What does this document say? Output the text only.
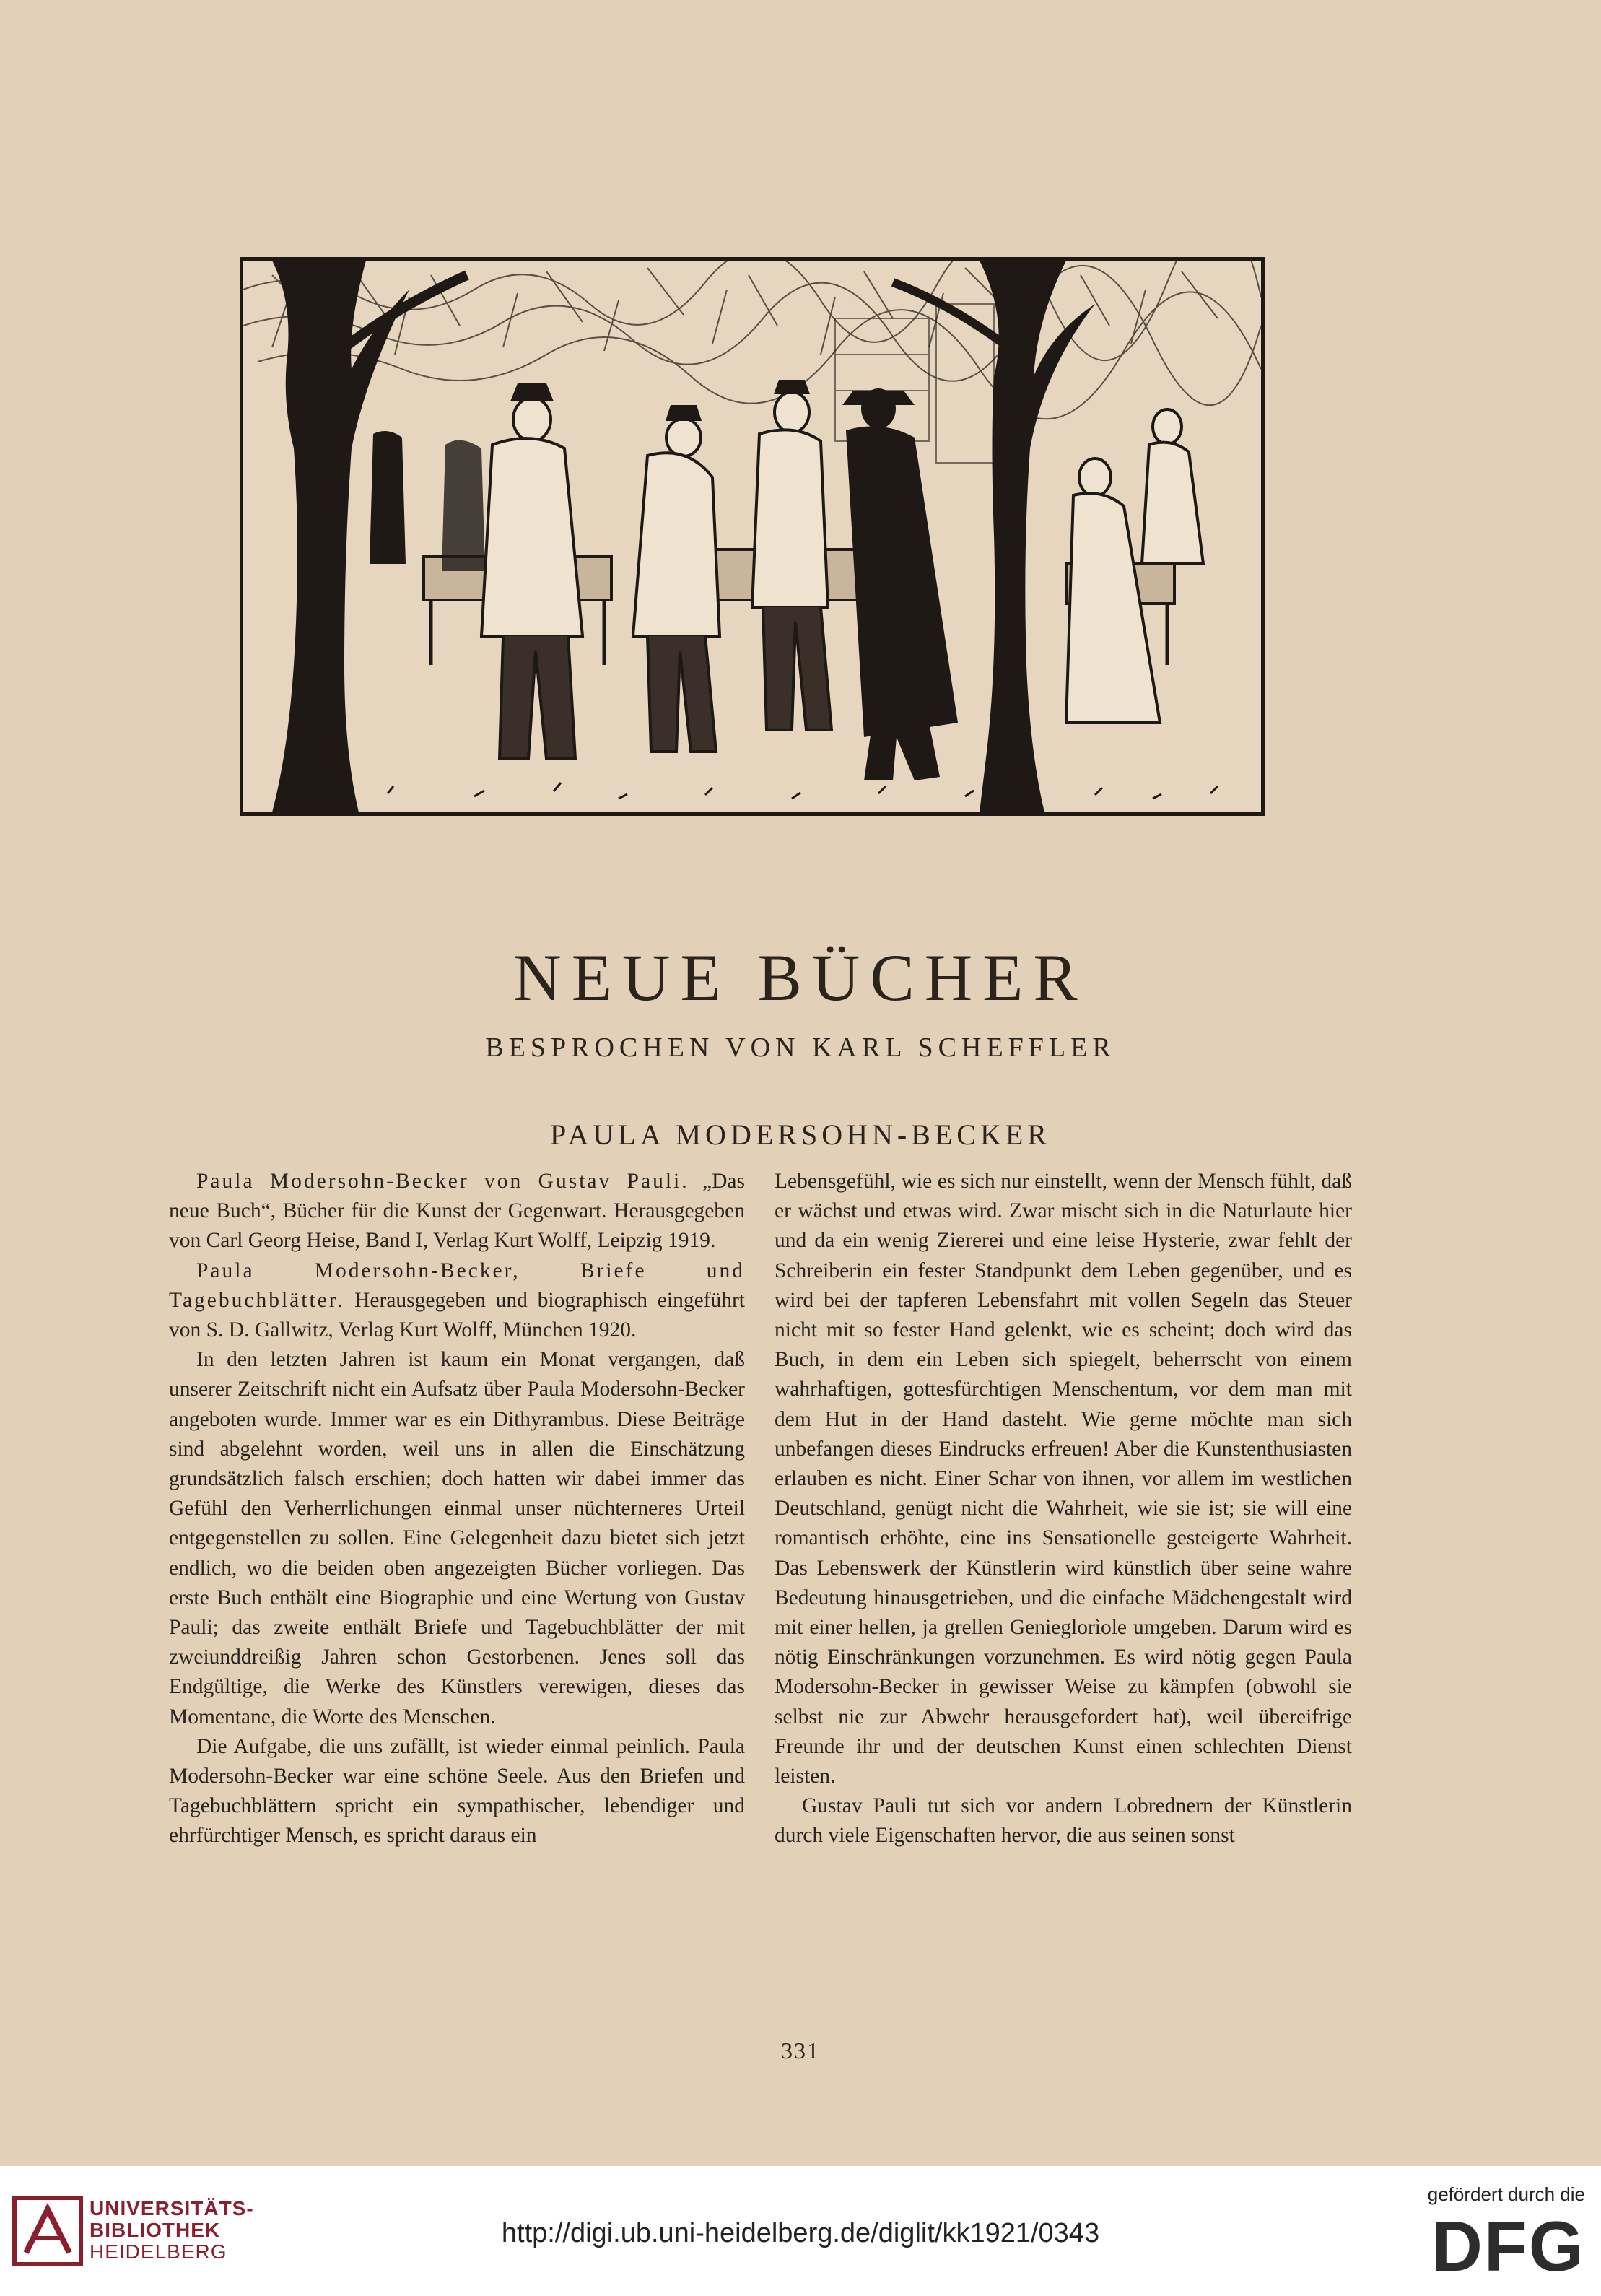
NEUE BÜCHER
BESPROCHEN VON KARL SCHEFFLER
PAULA MODERSOHN-BECKER

Paula Modersohn-Becker von Gustav Pauli. „Das neue Buch“, Bücher für die Kunst der Gegenwart. Herausgegeben von Carl Georg Heise, Band I, Verlag Kurt Wolff, Leipzig 1919.

Paula Modersohn-Becker, Briefe und Tagebuchblätter. Herausgegeben und biographisch eingeführt von S. D. Gallwitz, Verlag Kurt Wolff, München 1920.

In den letzten Jahren ist kaum ein Monat vergangen, daß unserer Zeitschrift nicht ein Aufsatz über Paula Modersohn-Becker angeboten wurde. Immer war es ein Dithyrambus. Diese Beiträge sind abgelehnt worden, weil uns in allen die Einschätzung grundsätzlich falsch erschien; doch hatten wir dabei immer das Gefühl den Verherrlichungen einmal unser nüchterneres Urteil entgegenstellen zu sollen. Eine Gelegenheit dazu bietet sich jetzt endlich, wo die beiden oben angezeigten Bücher vorliegen. Das erste Buch enthält eine Biographie und eine Wertung von Gustav Pauli; das zweite enthält Briefe und Tagebuchblätter der mit zweiunddreißig Jahren schon Gestorbenen. Jenes soll das Endgültige, die Werke des Künstlers verewigen, dieses das Momentane, die Worte des Menschen.

Die Aufgabe, die uns zufällt, ist wieder einmal peinlich. Paula Modersohn-Becker war eine schöne Seele. Aus den Briefen und Tagebuchblättern spricht ein sympathischer, lebendiger und ehrfürchtiger Mensch, es spricht daraus ein

Lebensgefühl, wie es sich nur einstellt, wenn der Mensch fühlt, daß er wächst und etwas wird. Zwar mischt sich in die Naturlaute hier und da ein wenig Ziererei und eine leise Hysterie, zwar fehlt der Schreiberin ein fester Standpunkt dem Leben gegenüber, und es wird bei der tapferen Lebensfahrt mit vollen Segeln das Steuer nicht mit so fester Hand gelenkt, wie es scheint; doch wird das Buch, in dem ein Leben sich spiegelt, beherrscht von einem wahrhaftigen, gottesfürchtigen Menschentum, vor dem man mit dem Hut in der Hand dasteht. Wie gerne möchte man sich unbefangen dieses Eindrucks erfreuen! Aber die Kunstenthusiasten erlauben es nicht. Einer Schar von ihnen, vor allem im westlichen Deutschland, genügt nicht die Wahrheit, wie sie ist; sie will eine romantisch erhöhte, eine ins Sensationelle gesteigerte Wahrheit. Das Lebenswerk der Künstlerin wird künstlich über seine wahre Bedeutung hinausgetrieben, und die einfache Mädchengestalt wird mit einer hellen, ja grellen Genieglorìole umgeben. Darum wird es nötig Einschränkungen vorzunehmen. Es wird nötig gegen Paula Modersohn-Becker in gewisser Weise zu kämpfen (obwohl sie selbst nie zur Abwehr herausgefordert hat), weil übereifrige Freunde ihr und der deutschen Kunst einen schlechten Dienst leisten.

Gustav Pauli tut sich vor andern Lobrednern der Künstlerin durch viele Eigenschaften hervor, die aus seinen sonst

331
UNIVERSITÄTS-
BIBLIOTHEK
HEIDELBERG
http://digi.ub.uni-heidelberg.de/diglit/kk1921/0343
gefördert durch die
DFG
